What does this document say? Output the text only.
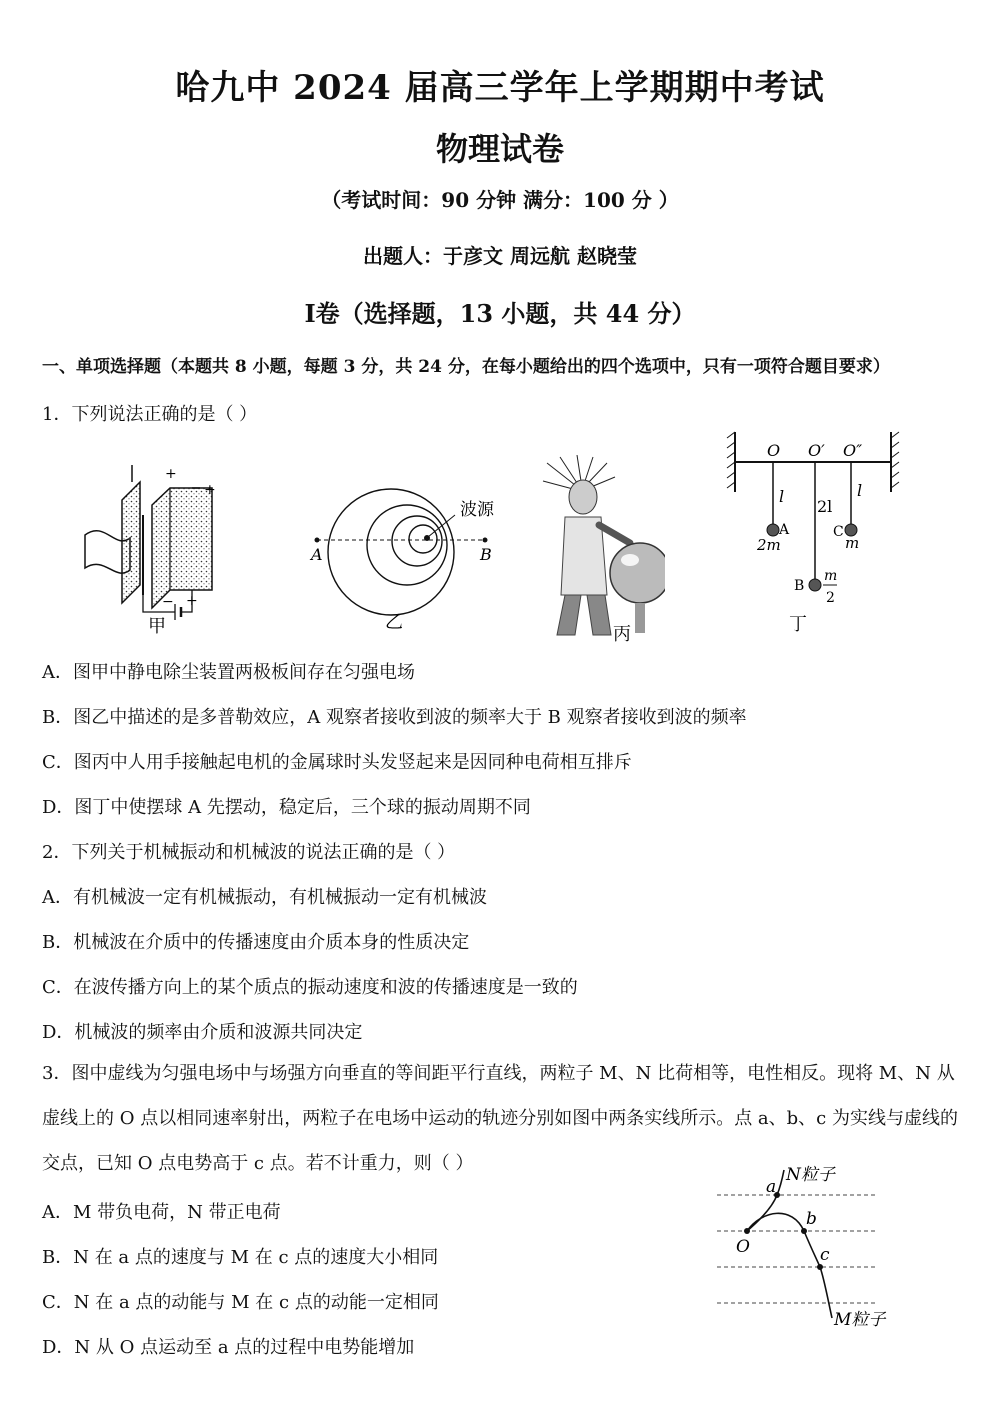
哈九中 2024 届高三学年上学期期中考试
物理试卷
（考试时间：90 分钟 满分：100 分 ）
出题人：于彦文 周远航 赵晓莹
I卷（选择题，13 小题，共 44 分）
一、单项选择题（本题共 8 小题，每题 3 分，共 24 分，在每小题给出的四个选项中，只有一项符合题目要求）
1．下列说法正确的是（ ）
+
+
− +
甲
波源
A	B
乙
丙
O O′ O″
l
2l
l
A
2m
C
m
B
m
2
丁
A．图甲中静电除尘装置两极板间存在匀强电场
B．图乙中描述的是多普勒效应，A 观察者接收到波的频率大于 B 观察者接收到波的频率
C．图丙中人用手接触起电机的金属球时头发竖起来是因同种电荷相互排斥
D．图丁中使摆球 A 先摆动，稳定后，三个球的振动周期不同
2．下列关于机械振动和机械波的说法正确的是（ ）
A．有机械波一定有机械振动，有机械振动一定有机械波
B．机械波在介质中的传播速度由介质本身的性质决定
C．在波传播方向上的某个质点的振动速度和波的传播速度是一致的
D．机械波的频率由介质和波源共同决定
3．图中虚线为匀强电场中与场强方向垂直的等间距平行直线，两粒子 M、N 比荷相等，电性相反。现将 M、N 从虚线上的 O 点以相同速率射出，两粒子在电场中运动的轨迹分别如图中两条实线所示。点 a、b、c 为实线与虚线的交点，已知 O 点电势高于 c 点。若不计重力，则（ ）
O
a
b
c
N粒子
M粒子
A．M 带负电荷，N 带正电荷
B．N 在 a 点的速度与 M 在 c 点的速度大小相同
C．N 在 a 点的动能与 M 在 c 点的动能一定相同
D．N 从 O 点运动至 a 点的过程中电势能增加
